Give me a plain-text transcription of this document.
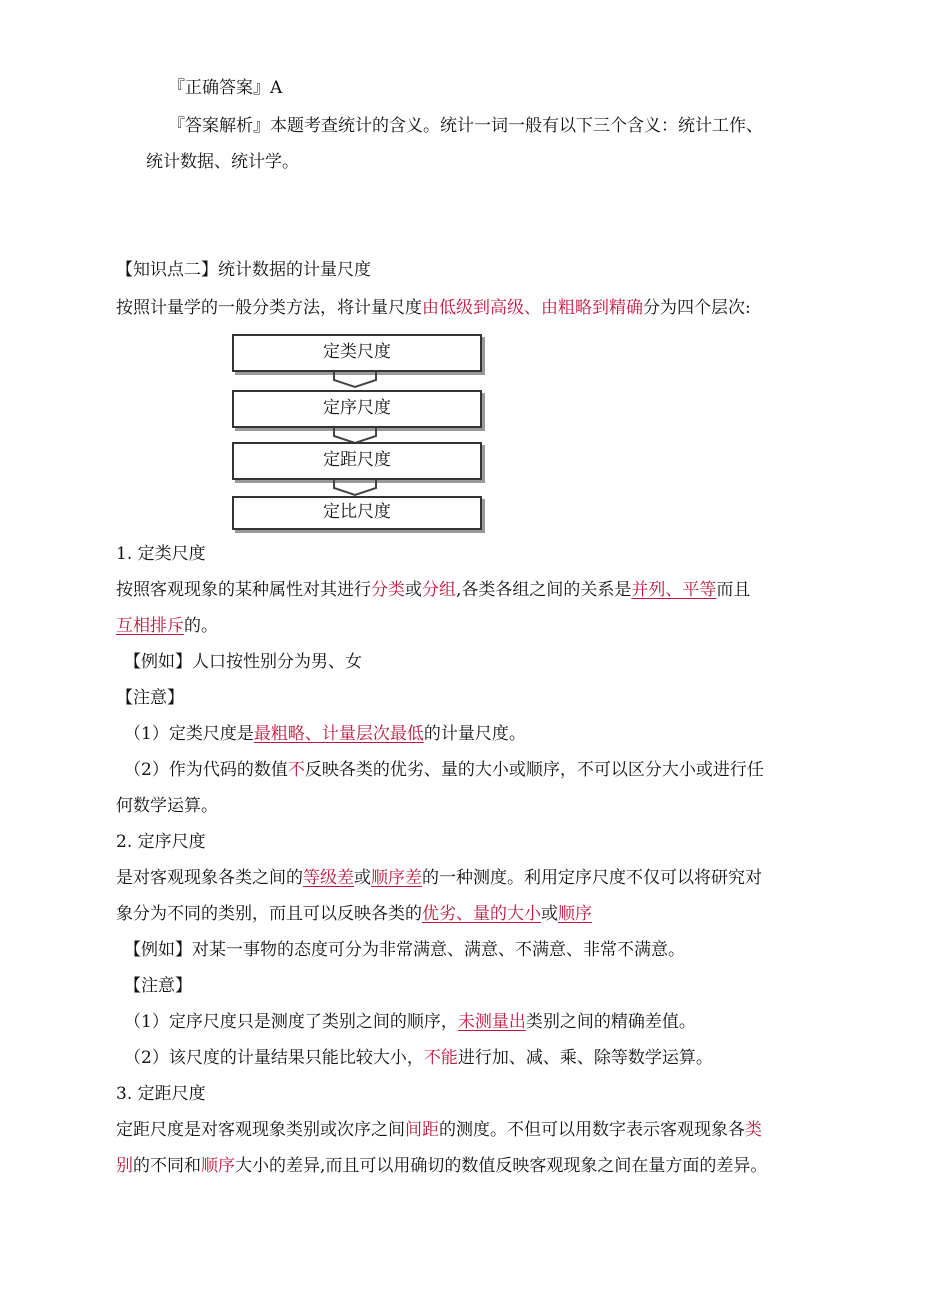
『正确答案』A
『答案解析』本题考查统计的含义。统计一词一般有以下三个含义：统计工作、
统计数据、统计学。
【知识点二】统计数据的计量尺度
按照计量学的一般分类方法，将计量尺度由低级到高级、由粗略到精确分为四个层次:
定类尺度
定序尺度
定距尺度
定比尺度
1. 定类尺度
按照客观现象的某种属性对其进行分类或分组,各类各组之间的关系是并列、平等而且
互相排斥的。
【例如】人口按性别分为男、女
【注意】
（1）定类尺度是最粗略、计量层次最低的计量尺度。
（2）作为代码的数值不反映各类的优劣、量的大小或顺序，不可以区分大小或进行任
何数学运算。
2. 定序尺度
是对客观现象各类之间的等级差或顺序差的一种测度。利用定序尺度不仅可以将研究对
象分为不同的类别，而且可以反映各类的优劣、量的大小或顺序
【例如】对某一事物的态度可分为非常满意、满意、不满意、非常不满意。
【注意】
（1）定序尺度只是测度了类别之间的顺序，未测量出类别之间的精确差值。
（2）该尺度的计量结果只能比较大小，不能进行加、减、乘、除等数学运算。
3. 定距尺度
定距尺度是对客观现象类别或次序之间间距的测度。不但可以用数字表示客观现象各类
别的不同和顺序大小的差异,而且可以用确切的数值反映客观现象之间在量方面的差异。
